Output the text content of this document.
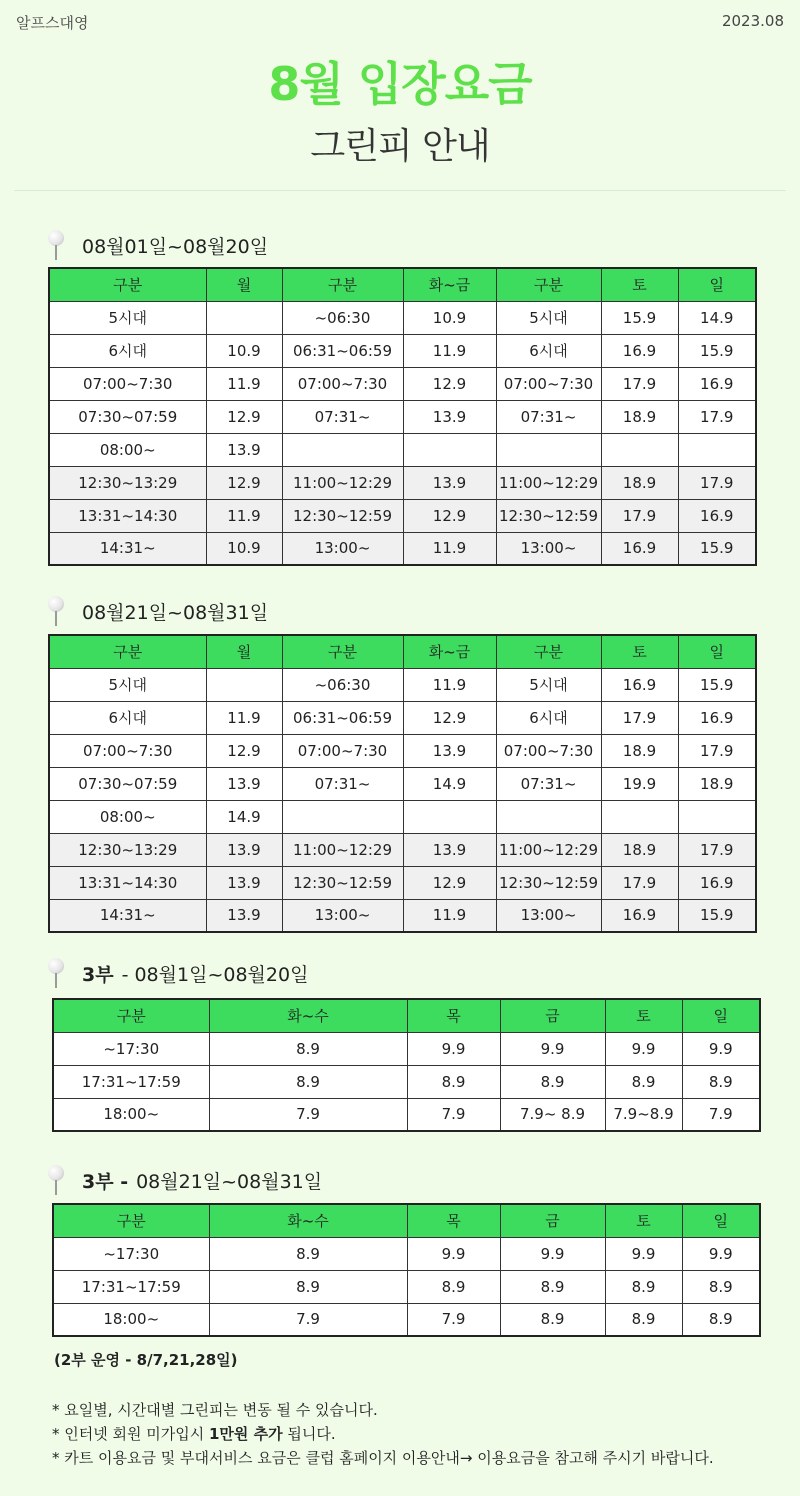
알프스대영	2023.08
8월 입장요금
그린피 안내
08월01일~08월20일
구분	월	구분	화~금	구분	토	일
5시대		~06:30	10.9	5시대	15.9	14.9
6시대	10.9	06:31~06:59	11.9	6시대	16.9	15.9
07:00~7:30	11.9	07:00~7:30	12.9	07:00~7:30	17.9	16.9
07:30~07:59	12.9	07:31~	13.9	07:31~	18.9	17.9
08:00~	13.9					
12:30~13:29	12.9	11:00~12:29	13.9	11:00~12:29	18.9	17.9
13:31~14:30	11.9	12:30~12:59	12.9	12:30~12:59	17.9	16.9
14:31~	10.9	13:00~	11.9	13:00~	16.9	15.9
08월21일~08월31일
구분	월	구분	화~금	구분	토	일
5시대		~06:30	11.9	5시대	16.9	15.9
6시대	11.9	06:31~06:59	12.9	6시대	17.9	16.9
07:00~7:30	12.9	07:00~7:30	13.9	07:00~7:30	18.9	17.9
07:30~07:59	13.9	07:31~	14.9	07:31~	19.9	18.9
08:00~	14.9					
12:30~13:29	13.9	11:00~12:29	13.9	11:00~12:29	18.9	17.9
13:31~14:30	13.9	12:30~12:59	12.9	12:30~12:59	17.9	16.9
14:31~	13.9	13:00~	11.9	13:00~	16.9	15.9
3부 - 08월1일~08월20일
구분	화~수	목	금	토	일
~17:30	8.9	9.9	9.9	9.9	9.9
17:31~17:59	8.9	8.9	8.9	8.9	8.9
18:00~	7.9	7.9	7.9~ 8.9	7.9~8.9	7.9
3부 - 08월21일~08월31일
구분	화~수	목	금	토	일
~17:30	8.9	9.9	9.9	9.9	9.9
17:31~17:59	8.9	8.9	8.9	8.9	8.9
18:00~	7.9	7.9	8.9	8.9	8.9
(2부 운영 - 8/7,21,28일)
* 요일별, 시간대별 그린피는 변동 될 수 있습니다.
* 인터넷 회원 미가입시 1만원 추가 됩니다.
* 카트 이용요금 및 부대서비스 요금은 클럽 홈페이지 이용안내→ 이용요금을 참고해 주시기 바랍니다.
